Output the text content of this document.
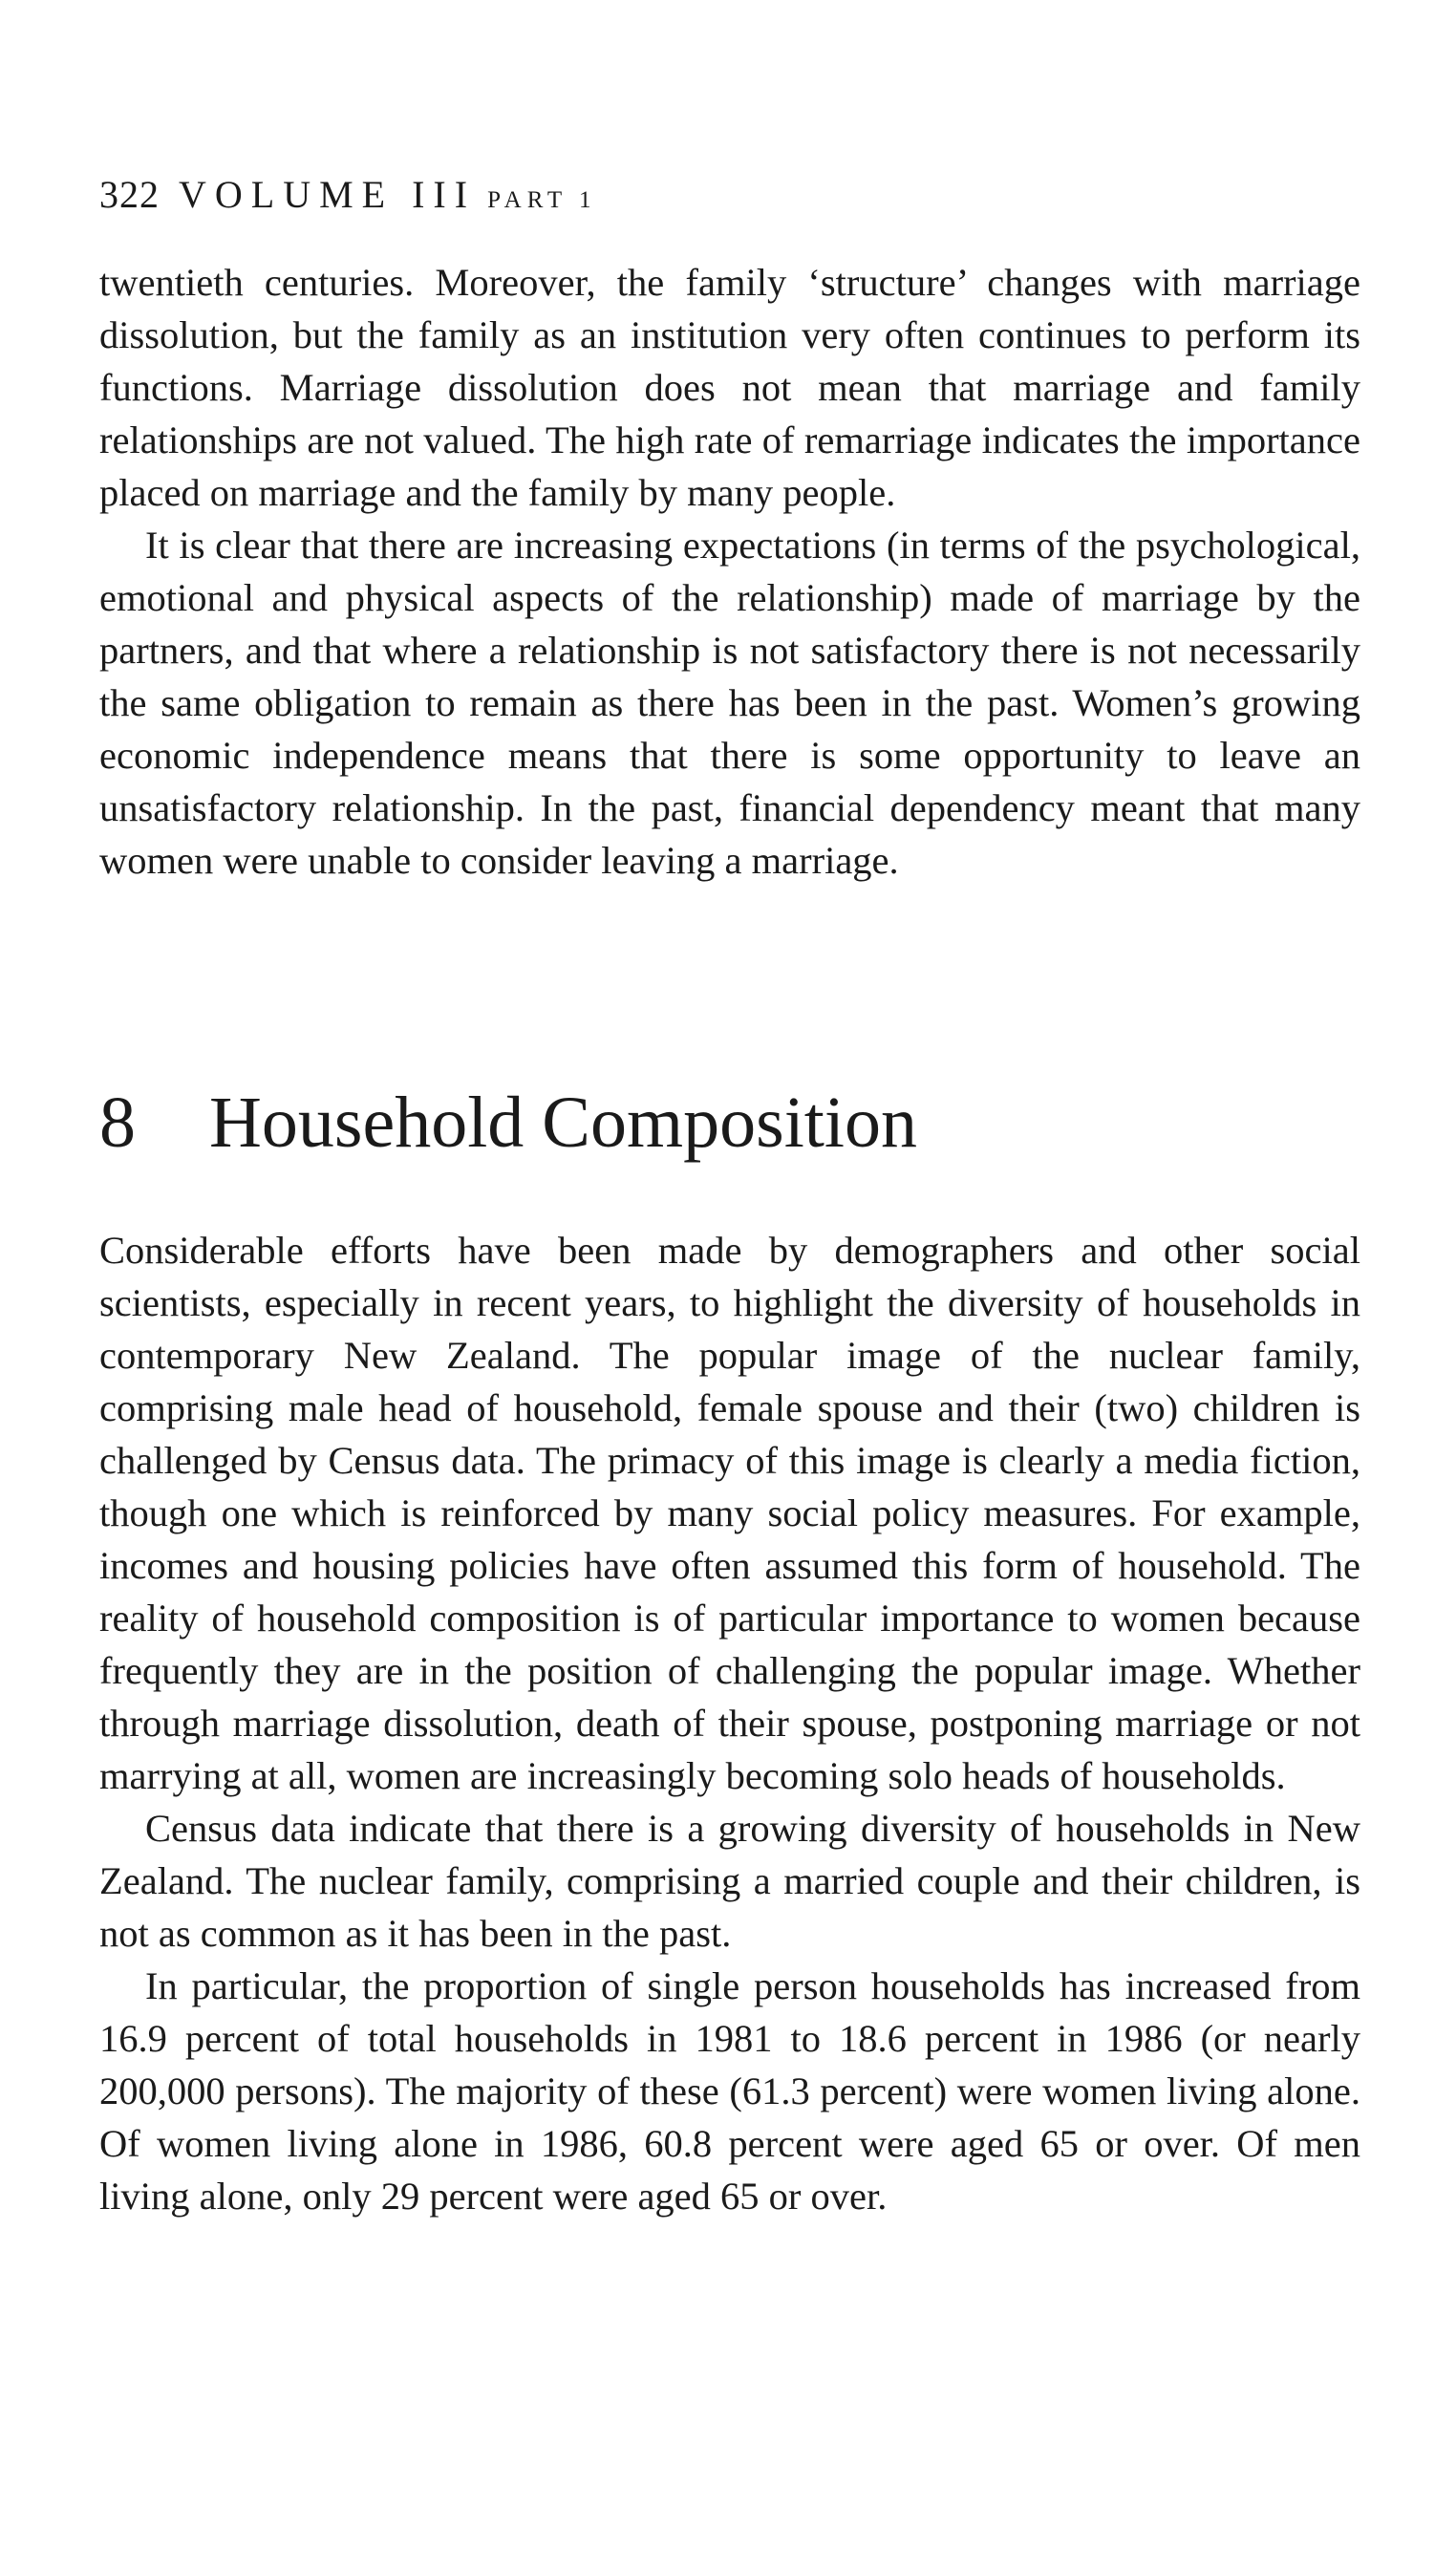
322 VOLUME III PART 1

twentieth centuries. Moreover, the family ‘structure’ changes with marriage dissolution, but the family as an institution very often continues to perform its functions. Marriage dissolution does not mean that marriage and family relationships are not valued. The high rate of remarriage indicates the importance placed on marriage and the family by many people.

It is clear that there are increasing expectations (in terms of the psychological, emotional and physical aspects of the relationship) made of marriage by the partners, and that where a relationship is not satisfactory there is not necessarily the same obligation to remain as there has been in the past. Women’s growing economic independence means that there is some opportunity to leave an unsatisfactory relationship. In the past, financial dependency meant that many women were unable to consider leaving a marriage.

8 Household Composition

Considerable efforts have been made by demographers and other social scientists, especially in recent years, to highlight the diversity of households in contemporary New Zealand. The popular image of the nuclear family, comprising male head of household, female spouse and their (two) children is challenged by Census data. The primacy of this image is clearly a media fiction, though one which is reinforced by many social policy measures. For example, incomes and housing policies have often assumed this form of household. The reality of household composition is of particular importance to women because frequently they are in the position of challenging the popular image. Whether through marriage dissolution, death of their spouse, postponing marriage or not marrying at all, women are increasingly becoming solo heads of households.

Census data indicate that there is a growing diversity of households in New Zealand. The nuclear family, comprising a married couple and their children, is not as common as it has been in the past.

In particular, the proportion of single person households has increased from 16.9 percent of total households in 1981 to 18.6 percent in 1986 (or nearly 200,000 persons). The majority of these (61.3 percent) were women living alone. Of women living alone in 1986, 60.8 percent were aged 65 or over. Of men living alone, only 29 percent were aged 65 or over.
